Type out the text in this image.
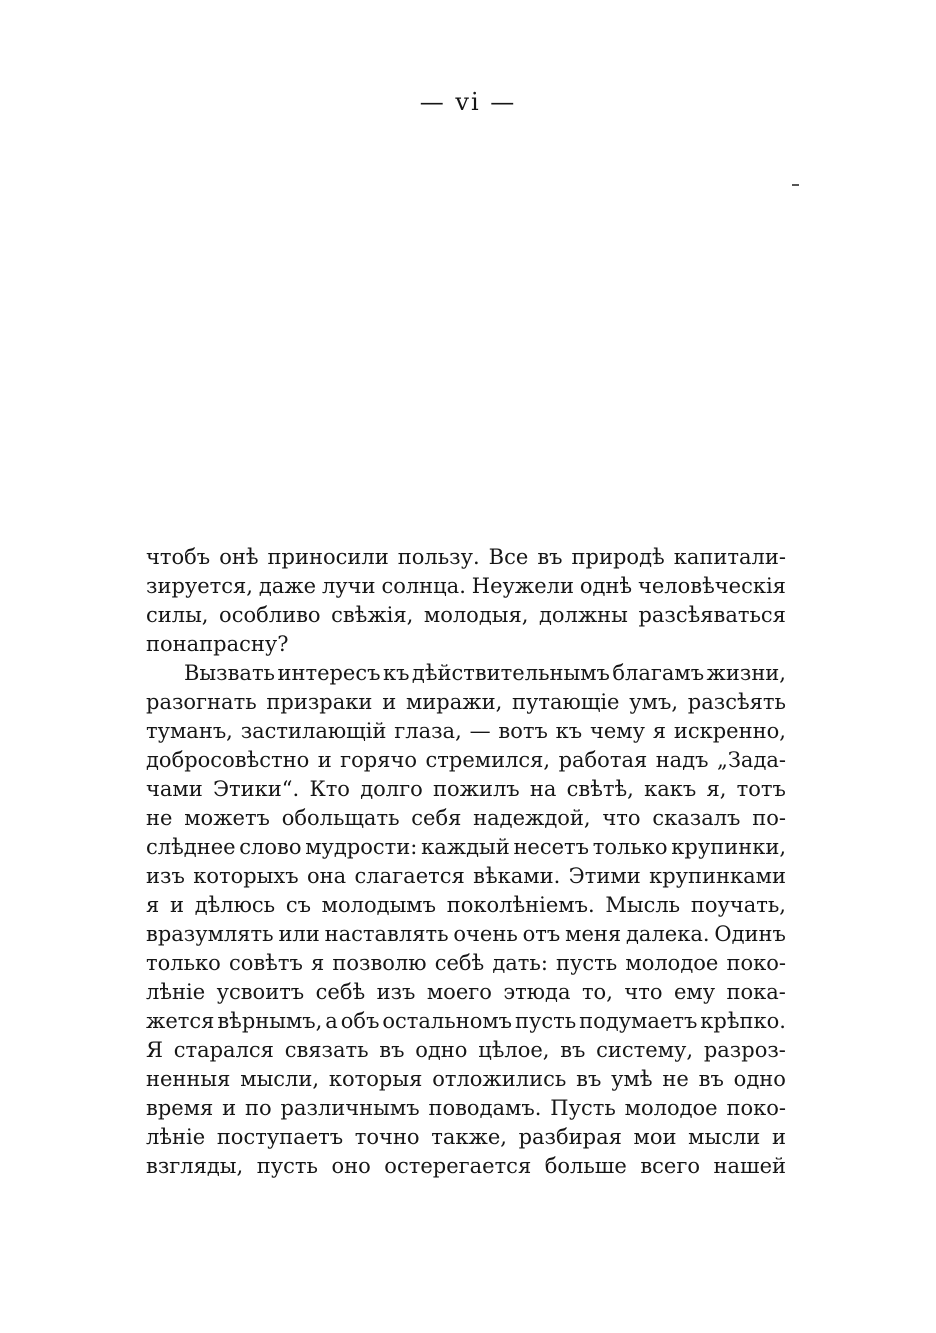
— vi —
чтобъ онѣ приносили пользу. Все въ природѣ капитали-
зируется, даже лучи солнца. Неужели однѣ человѣческія
силы, особливо свѣжія, молодыя, должны разсѣяваться
понапрасну?
Вызвать интересъ къ дѣйствительнымъ благамъ жизни,
разогнать призраки и миражи, путающіе умъ, разсѣять
туманъ, застилающій глаза, — вотъ къ чему я искренно,
добросовѣстно и горячо стремился, работая надъ „Зада-
чами Этики“. Кто долго пожилъ на свѣтѣ, какъ я, тотъ
не можетъ обольщать себя надеждой, что сказалъ по-
слѣднее слово мудрости: каждый несетъ только крупинки,
изъ которыхъ она слагается вѣками. Этими крупинками
я и дѣлюсь съ молодымъ поколѣніемъ. Мысль поучать,
вразумлять или наставлять очень отъ меня далека. Одинъ
только совѣтъ я позволю себѣ дать: пусть молодое поко-
лѣніе усвоитъ себѣ изъ моего этюда то, что ему пока-
жется вѣрнымъ, а объ остальномъ пусть подумаетъ крѣпко.
Я старался связать въ одно цѣлое, въ систему, разроз-
ненныя мысли, которыя отложились въ умѣ не въ одно
время и по различнымъ поводамъ. Пусть молодое поко-
лѣніе поступаетъ точно также, разбирая мои мысли и
взгляды, пусть оно остерегается больше всего нашей
